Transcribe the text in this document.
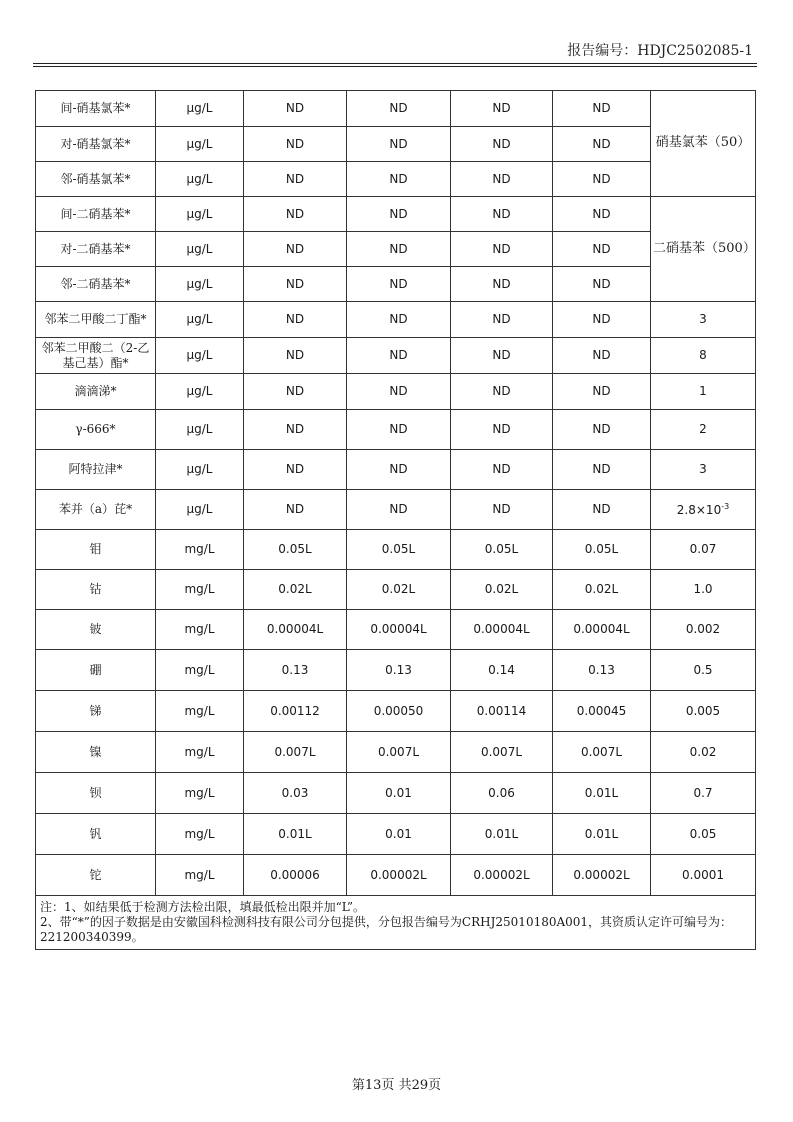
报告编号：HDJC2502085-1
间-硝基氯苯*	μg/L	ND	ND	ND	ND	硝基氯苯（50）
对-硝基氯苯*	μg/L	ND	ND	ND	ND	
邻-硝基氯苯*	μg/L	ND	ND	ND	ND	
间-二硝基苯*	μg/L	ND	ND	ND	ND	二硝基苯（500）
对-二硝基苯*	μg/L	ND	ND	ND	ND	
邻-二硝基苯*	μg/L	ND	ND	ND	ND	
邻苯二甲酸二丁酯*	μg/L	ND	ND	ND	ND	3
邻苯二甲酸二（2-乙基己基）酯*	μg/L	ND	ND	ND	ND	8
滴滴涕*	μg/L	ND	ND	ND	ND	1
γ-666*	μg/L	ND	ND	ND	ND	2
阿特拉津*	μg/L	ND	ND	ND	ND	3
苯并（a）芘*	μg/L	ND	ND	ND	ND	$2.8\times 10^{-3}$
钼	mg/L	0.05L	0.05L	0.05L	0.05L	0.07
钴	mg/L	0.02L	0.02L	0.02L	0.02L	1.0
铍	mg/L	0.00004L	0.00004L	0.00004L	0.00004L	0.002
硼	mg/L	0.13	0.13	0.14	0.13	0.5
锑	mg/L	0.00112	0.00050	0.00114	0.00045	0.005
镍	mg/L	0.007L	0.007L	0.007L	0.007L	0.02
钡	mg/L	0.03	0.01	0.06	0.01L	0.7
钒	mg/L	0.01L	0.01	0.01L	0.01L	0.05
铊	mg/L	0.00006	0.00002L	0.00002L	0.00002L	0.0001

注：1、如结果低于检测方法检出限，填最低检出限并加“L”。
2、带“*”的因子数据是由安徽国科检测科技有限公司分包提供，分包报告编号为CRHJ25010180A001，其资质认定许可编号为：221200340399。						
第13页 共29页
